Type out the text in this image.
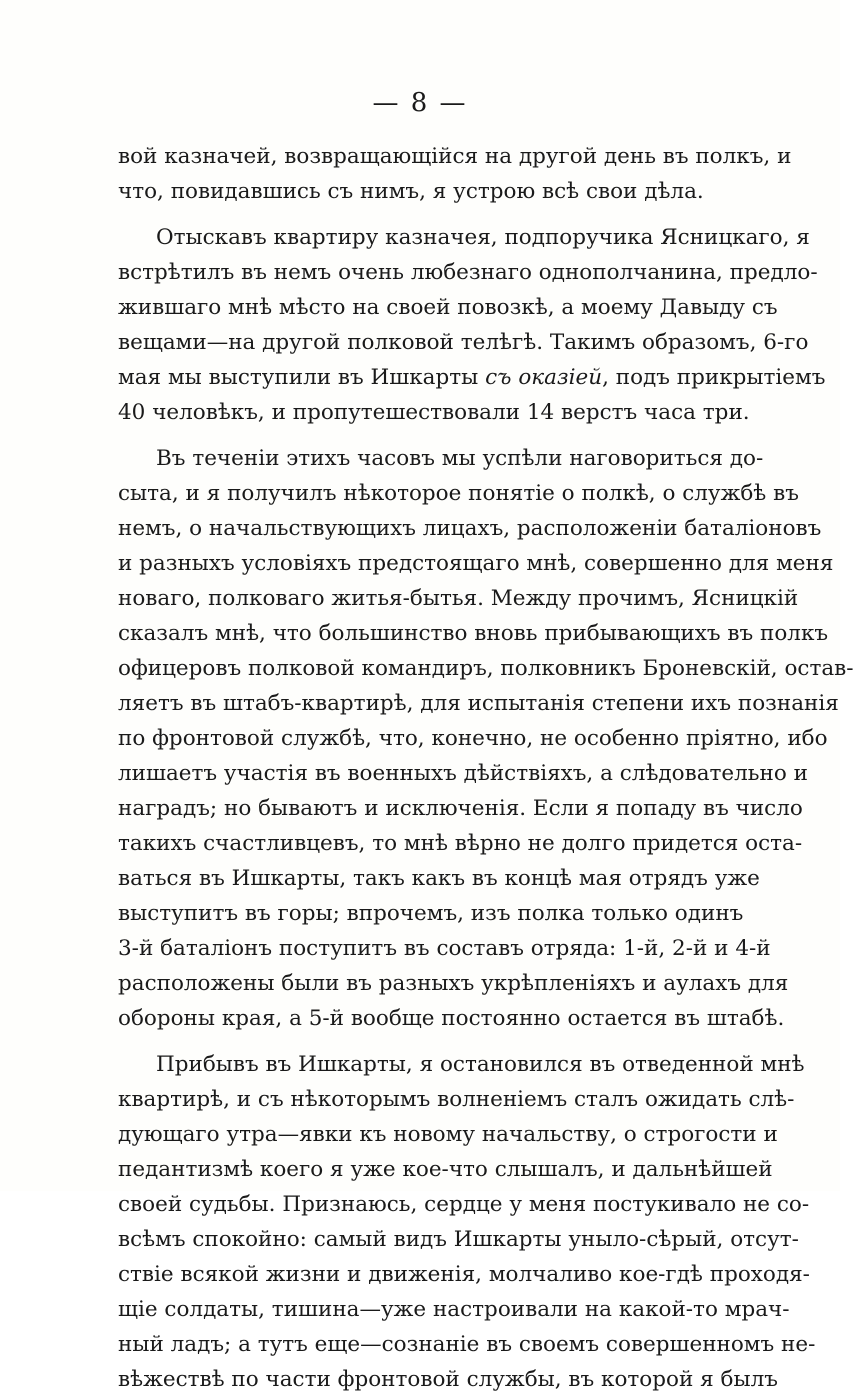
— 8 —
вой казначей, возвращающійся на другой день въ полкъ, и
что, повидавшись съ нимъ, я устрою всѣ свои дѣла.
Отыскавъ квартиру казначея, подпоручика Ясницкаго, я
встрѣтилъ въ немъ очень любезнаго однополчанина, предло-
жившаго мнѣ мѣсто на своей повозкѣ, а моему Давыду съ
вещами—на другой полковой телѣгѣ. Такимъ образомъ, 6-го
мая мы выступили въ Ишкарты съ оказіей, подъ прикрытіемъ
40 человѣкъ, и пропутешествовали 14 верстъ часа три.
Въ теченіи этихъ часовъ мы успѣли наговориться до-
сыта, и я получилъ нѣкоторое понятіе о полкѣ, о службѣ въ
немъ, о начальствующихъ лицахъ, расположеніи баталіоновъ
и разныхъ условіяхъ предстоящаго мнѣ, совершенно для меня
новаго, полковаго житья-бытья. Между прочимъ, Ясницкій
сказалъ мнѣ, что большинство вновь прибывающихъ въ полкъ
офицеровъ полковой командиръ, полковникъ Броневскій, остав-
ляетъ въ штабъ-квартирѣ, для испытанія степени ихъ познанія
по фронтовой службѣ, что, конечно, не особенно пріятно, ибо
лишаетъ участія въ военныхъ дѣйствіяхъ, а слѣдовательно и
наградъ; но бываютъ и исключенія. Если я попаду въ число
такихъ счастливцевъ, то мнѣ вѣрно не долго придется оста-
ваться въ Ишкарты, такъ какъ въ концѣ мая отрядъ уже
выступитъ въ горы; впрочемъ, изъ полка только одинъ
3-й баталіонъ поступитъ въ составъ отряда: 1-й, 2-й и 4-й
расположены были въ разныхъ укрѣпленіяхъ и аулахъ для
обороны края, а 5-й вообще постоянно остается въ штабѣ.
Прибывъ въ Ишкарты, я остановился въ отведенной мнѣ
квартирѣ, и съ нѣкоторымъ волненіемъ сталъ ожидать слѣ-
дующаго утра—явки къ новому начальству, о строгости и
педантизмѣ коего я уже кое-что слышалъ, и дальнѣйшей
своей судьбы. Признаюсь, сердце у меня постукивало не со-
всѣмъ спокойно: самый видъ Ишкарты уныло-сѣрый, отсут-
ствіе всякой жизни и движенія, молчаливо кое-гдѣ проходя-
щіе солдаты, тишина—уже настроивали на какой-то мрач-
ный ладъ; а тутъ еще—сознаніе въ своемъ совершенномъ не-
вѣжествѣ по части фронтовой службы, въ которой я былъ
